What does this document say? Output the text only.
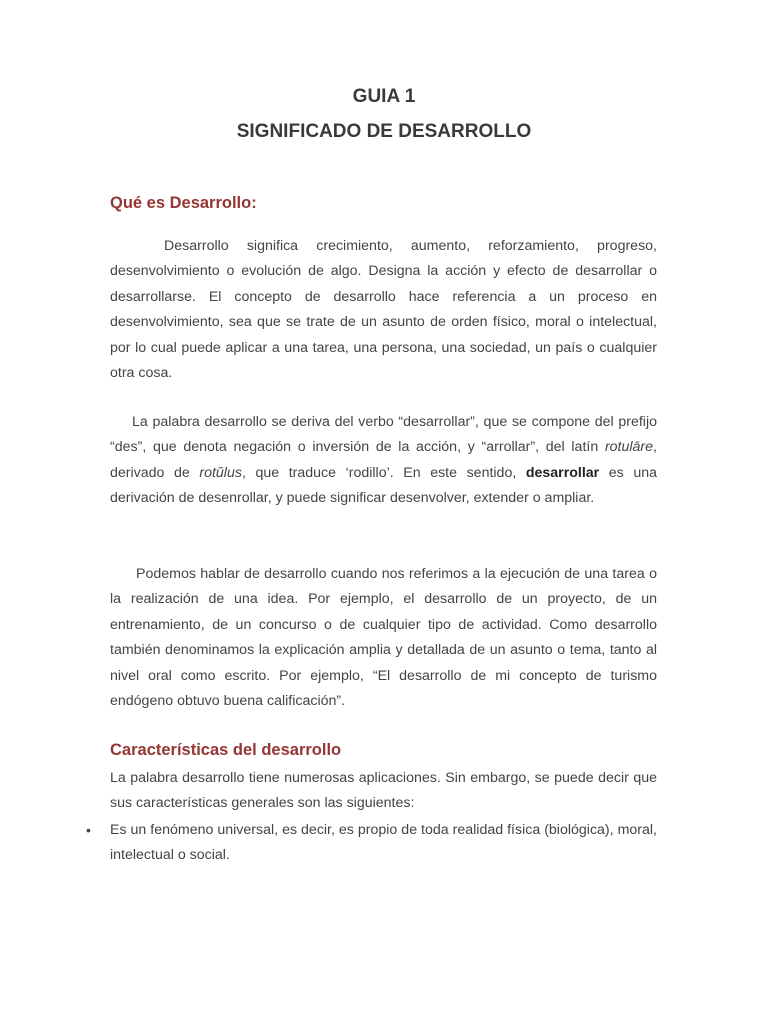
GUIA 1
SIGNIFICADO DE DESARROLLO
Qué es Desarrollo:

Desarrollo significa crecimiento, aumento, reforzamiento, progreso, desenvolvimiento o evolución de algo. Designa la acción y efecto de desarrollar o desarrollarse. El concepto de desarrollo hace referencia a un proceso en desenvolvimiento, sea que se trate de un asunto de orden físico, moral o intelectual, por lo cual puede aplicar a una tarea, una persona, una sociedad, un país o cualquier otra cosa.

La palabra desarrollo se deriva del verbo “desarrollar”, que se compone del prefijo “des”, que denota negación o inversión de la acción, y “arrollar”, del latín rotulāre, derivado de rotŭlus, que traduce ‘rodillo’. En este sentido, desarrollar es una derivación de desenrollar, y puede significar desenvolver, extender o ampliar.

Podemos hablar de desarrollo cuando nos referimos a la ejecución de una tarea o la realización de una idea. Por ejemplo, el desarrollo de un proyecto, de un entrenamiento, de un concurso o de cualquier tipo de actividad. Como desarrollo también denominamos la explicación amplia y detallada de un asunto o tema, tanto al nivel oral como escrito. Por ejemplo, “El desarrollo de mi concepto de turismo endógeno obtuvo buena calificación”.

Características del desarrollo

La palabra desarrollo tiene numerosas aplicaciones. Sin embargo, se puede decir que sus características generales son las siguientes:

• Es un fenómeno universal, es decir, es propio de toda realidad física (biológica), moral, intelectual o social.
